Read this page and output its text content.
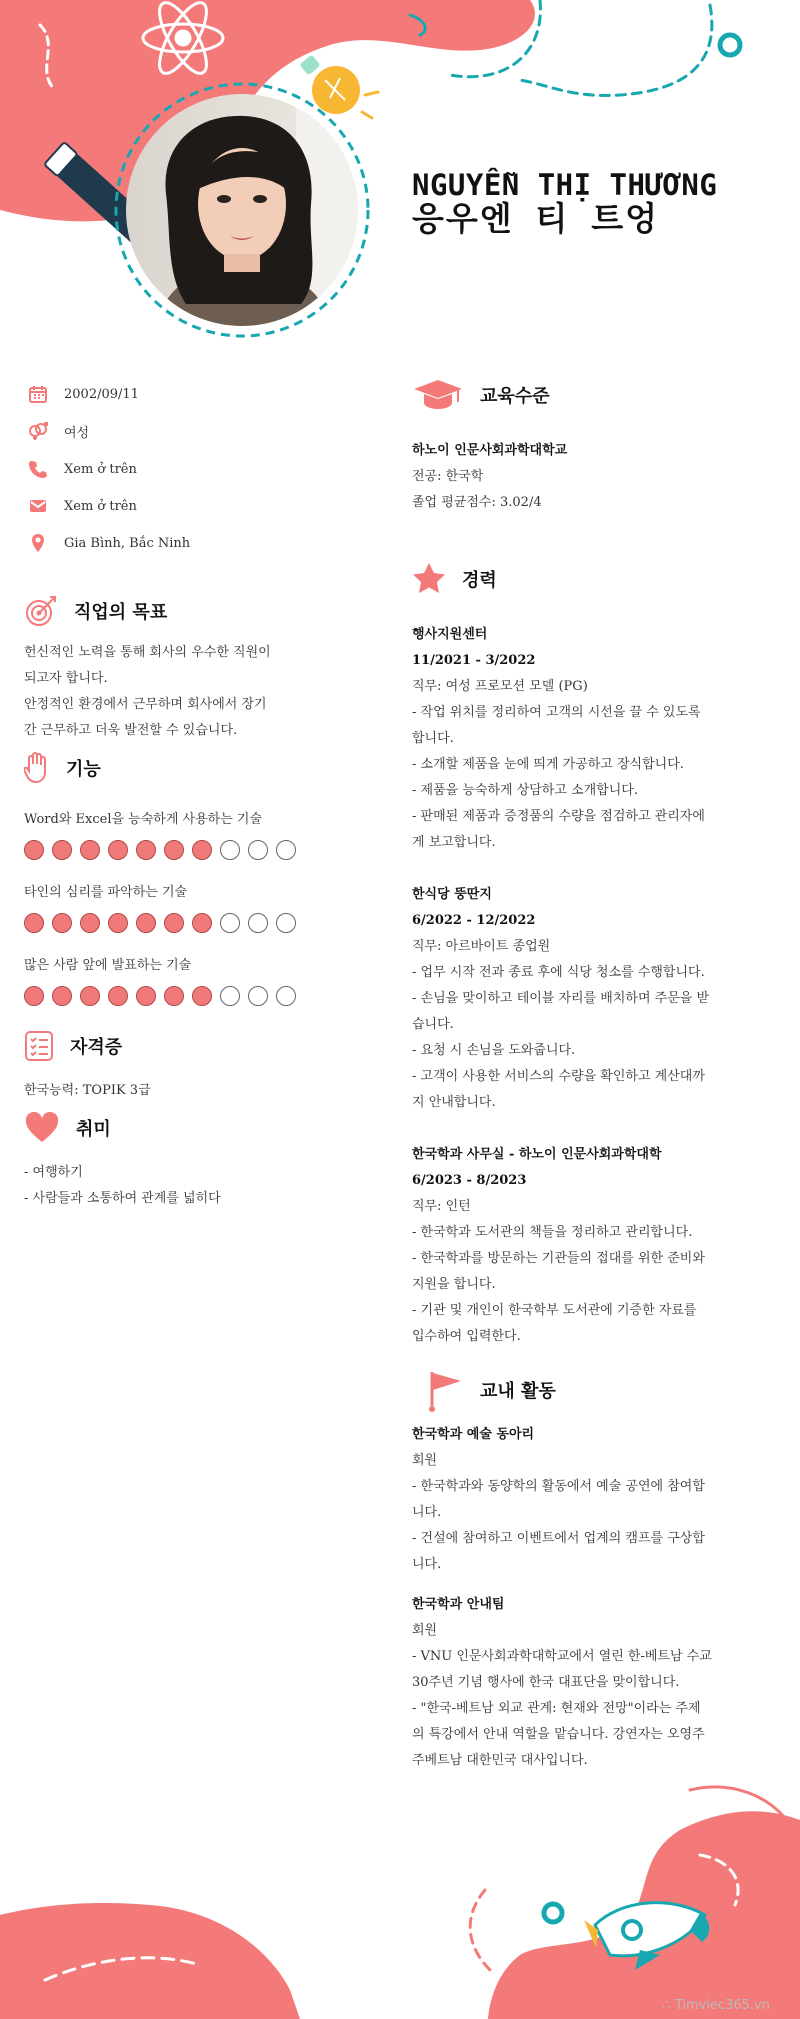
NGUYỄN THỊ THƯƠNG
응우엔 티 트엉
2002/09/11
여성
Xem ở trên
Xem ở trên
Gia Bình, Bắc Ninh
직업의 목표
헌신적인 노력을 통해 회사의 우수한 직원이
되고자 합니다.
안정적인 환경에서 근무하며 회사에서 장기
간 근무하고 더욱 발전할 수 있습니다.
기능
Word와 Excel을 능숙하게 사용하는 기술
타인의 심리를 파악하는 기술
많은 사람 앞에 발표하는 기술
자격증
한국능력: TOPIK 3급
취미
- 여행하기
- 사람들과 소통하여 관계를 넓히다
교육수준
하노이 인문사회과학대학교
전공: 한국학
졸업 평균점수: 3.02/4
경력
행사지원센터
11/2021 - 3/2022
직무: 여성 프로모션 모델 (PG)
- 작업 위치를 정리하여 고객의 시선을 끌 수 있도록
합니다.
- 소개할 제품을 눈에 띄게 가공하고 장식합니다.
- 제품을 능숙하게 상담하고 소개합니다.
- 판매된 제품과 증정품의 수량을 점검하고 관리자에
게 보고합니다.
한식당 뚱딴지
6/2022 - 12/2022
직무: 아르바이트 종업원
- 업무 시작 전과 종료 후에 식당 청소를 수행합니다.
- 손님을 맞이하고 테이블 자리를 배치하며 주문을 받
습니다.
- 요청 시 손님을 도와줍니다.
- 고객이 사용한 서비스의 수량을 확인하고 계산대까
지 안내합니다.
한국학과 사무실 - 하노이 인문사회과학대학
6/2023 - 8/2023
직무: 인턴
- 한국학과 도서관의 책들을 정리하고 관리합니다.
- 한국학과를 방문하는 기관들의 접대를 위한 준비와
지원을 합니다.
- 기관 및 개인이 한국학부 도서관에 기증한 자료를
입수하여 입력한다.
교내 활동
한국학과 예술 동아리
회원
- 한국학과와 동양학의 활동에서 예술 공연에 참여합
니다.
- 건설에 참여하고 이벤트에서 업계의 캠프를 구상합
니다.
한국학과 안내팀
회원
- VNU 인문사회과학대학교에서 열린 한-베트남 수교
30주년 기념 행사에 한국 대표단을 맞이합니다.
- "한국-베트남 외교 관계: 현재와 전망"이라는 주제
의 특강에서 안내 역할을 맡습니다. 강연자는 오영주
주베트남 대한민국 대사입니다.
∴ Timviec365.vn
